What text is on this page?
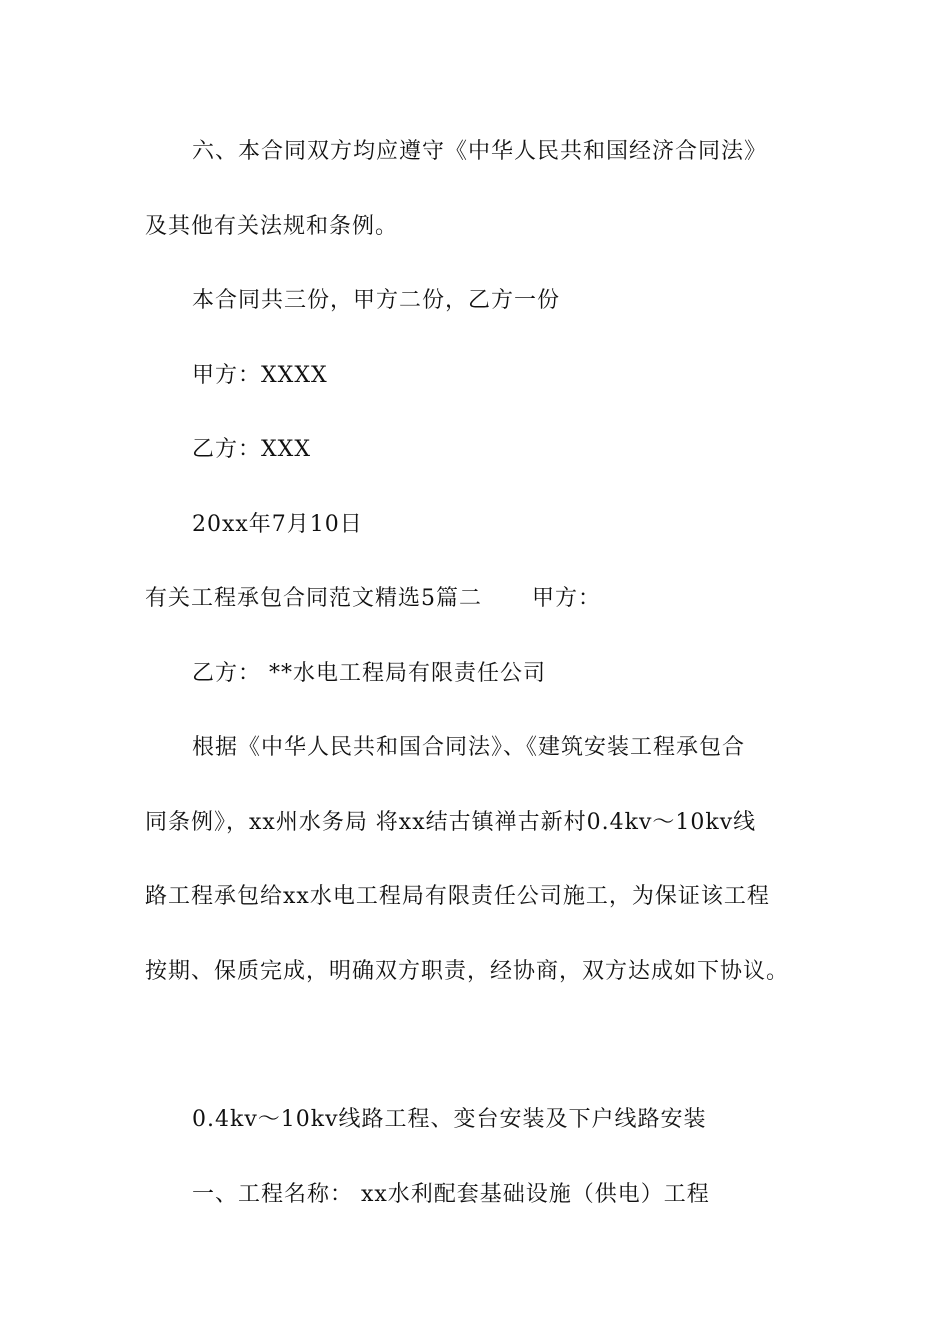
六、本合同双方均应遵守《中华人民共和国经济合同法》
及其他有关法规和条例。
本合同共三份，甲方二份，乙方一份
甲方：XXXX
乙方：XXX
20xx年7月10日
有关工程承包合同范文精选5篇二 甲方：
乙方： **水电工程局有限责任公司
根据《中华人民共和国合同法》、《建筑安装工程承包合
同条例》，xx州水务局 将xx结古镇禅古新村0.4kv～10kv线
路工程承包给xx水电工程局有限责任公司施工，为保证该工程
按期、保质完成，明确双方职责，经协商，双方达成如下协议。
0.4kv～10kv线路工程、变台安装及下户线路安装
一、工程名称： xx水利配套基础设施（供电）工程
